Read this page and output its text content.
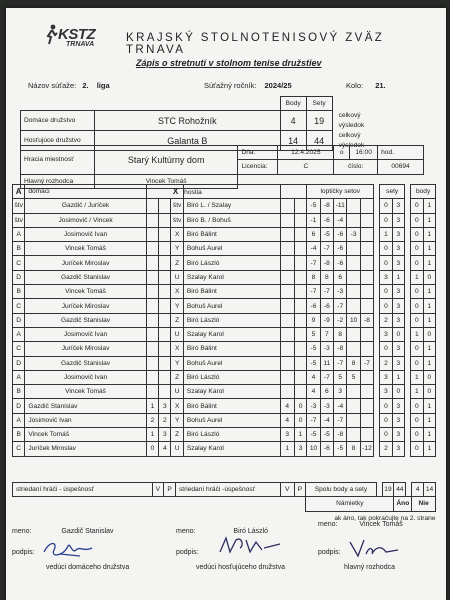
KSTZ
TRNAVA
KRAJSKÝ STOLNOTENISOVÝ ZVÄZ TRNAVA
Zápis o stretnutí v stolnom tenise družstiev
Názov súťaže: 2. liga	Súťažný ročník: 2024/25	Kolo: 21.
		Body	Sety	
Domáce družstvo	STC Rohožník	4	19	celkový
výsledok
celkový
výsledok
Hosťujúce družstvo	Galanta B	14	44	
Hracia miestnosť	Starý Kultúrny dom	Dňa:	12.4.2025	o	16:00	hod.
		Licencia:	C	číslo:		00694
Hlavný rozhodca	Vincek Tomáš					
A	domáci				X hostia			loptičky setov						sety			body	
štv	Gazdič / Juríček			štv	Biró L. / Szalay			-5	-8	-11				0	3		0	1
štv	Josimovič / Vincek			štv	Biró B. / Bohuš			-1	-6	-4				0	3		0	1
A	Josimovič Ivan			X	Biró Bálint			6	-5	-6	-3			1	3		0	1
B	Vincek Tomáš			Y	Bohuš Aurel			-4	-7	-6				0	3		0	1
C	Juríček Miroslav			Z	Biró László			-7	-8	-6				0	3		0	1
D	Gazdič Stanislav			U	Szalay Karol			8	8	6				3	1		1	0
B	Vincek Tomáš			X	Biró Bálint			-7	-7	-3				0	3		0	1
C	Juríček Miroslav			Y	Bohuš Aurel			-6	-6	-7				0	3		0	1
D	Gazdič Stanislav			Z	Biró László			9	-9	-2	10	-8		2	3		0	1
A	Josimovič Ivan			U	Szalay Karol			5	7	8				3	0		1	0
C	Juríček Miroslav			X	Biró Bálint			-5	-3	-8				0	3		0	1
D	Gazdič Stanislav			Y	Bohuš Aurel			-5	11	-7	8	-7		2	3		0	1
A	Josimovič Ivan			Z	Biró László			4	-7	5	5			3	1		1	0
B	Vincek Tomáš			U	Szalay Karol			4	6	3				3	0		1	0
D	Gazdič Stanislav	1	3	X	Biró Bálint	4	0	-3	-3	-4				0	3		0	1
A	Josimovič Ivan	2	2	Y	Bohuš Aurel	4	0	-7	-4	-7				0	3		0	1
B	Vincek Tomáš	1	3	Z	Biró László	3	1	-5	-5	-8				0	3		0	1
C	Juríček Miroslav	0	4	U	Szalay Karol	1	3	10	-6	-5	8	-12		2	3		0	1
striedaní hráči - úspešnosť	V	P	striedaní hráči -úspešnosť	V	P	Spolu body a sety		19	44		4	14
						Námietky			Áno		Nie	
						ak áno, tak pokračujte na 2. strane						
meno:	Gazdič Stanislav
podpis:
vedúci domáceho družstva
meno:	Biró László
podpis:
vedúci hosťujúceho družstva
meno:	Vincek Tomáš
podpis:
hlavný rozhodca
